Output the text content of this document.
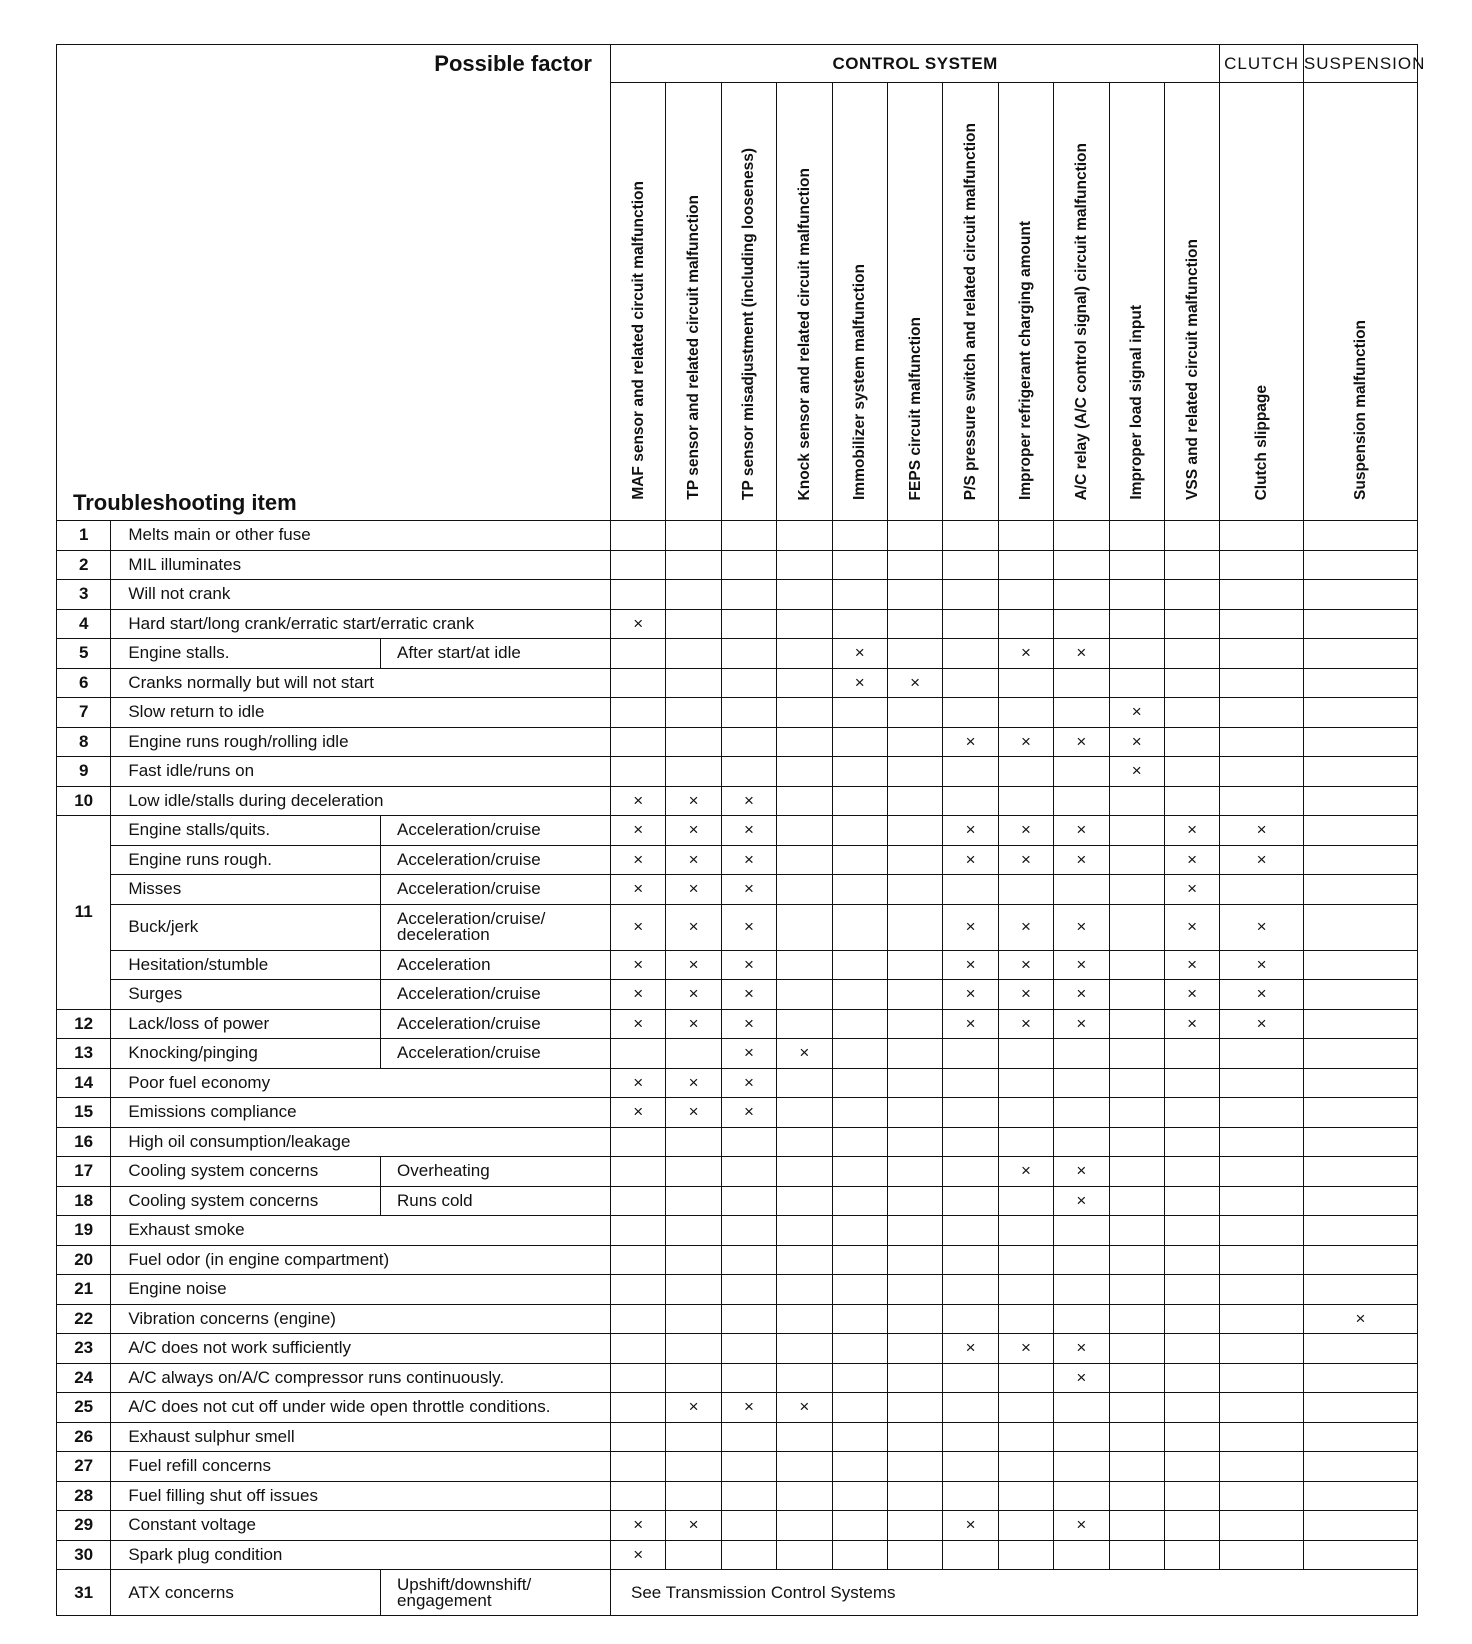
Possible factor
Troubleshooting item			CONTROL SYSTEM											CLUTCH	SUSPENSION

			MAF sensor and related circuit malfunction	TP sensor and related circuit malfunction	TP sensor misadjustment (including looseness)	Knock sensor and related circuit malfunction	Immobilizer system malfunction	FEPS circuit malfunction	P/S pressure switch and related circuit malfunction	Improper refrigerant charging amount	A/C relay (A/C control signal) circuit malfunction	Improper load signal input	VSS and related circuit malfunction	Clutch slippage	Suspension malfunction

1	Melts main or other fuse														
2	MIL illuminates														
3	Will not crank														
4	Hard start/long crank/erratic start/erratic crank		×												
5	Engine stalls.	After start/at idle					×			×	×				
6	Cranks normally but will not start						×	×							
7	Slow return to idle											×			
8	Engine runs rough/rolling idle								×	×	×	×			
9	Fast idle/runs on											×			
10	Low idle/stalls during deceleration		×	×	×										
11	Engine stalls/quits.	Acceleration/cruise	×	×	×				×	×	×		×	×	
	Engine runs rough.	Acceleration/cruise	×	×	×				×	×	×		×	×	
	Misses	Acceleration/cruise	×	×	×								×		
	Buck/jerk	Acceleration/cruise/ deceleration	×	×	×				×	×	×		×	×	
	Hesitation/stumble	Acceleration	×	×	×				×	×	×		×	×	
	Surges	Acceleration/cruise	×	×	×				×	×	×		×	×	
12	Lack/loss of power	Acceleration/cruise	×	×	×				×	×	×		×	×	
13	Knocking/pinging	Acceleration/cruise			×	×									
14	Poor fuel economy		×	×	×										
15	Emissions compliance		×	×	×										
16	High oil consumption/leakage														
17	Cooling system concerns	Overheating								×	×				
18	Cooling system concerns	Runs cold									×				
19	Exhaust smoke														
20	Fuel odor (in engine compartment)														
21	Engine noise														
22	Vibration concerns (engine)														×
23	A/C does not work sufficiently								×	×	×				
24	A/C always on/A/C compressor runs continuously.										×				
25	A/C does not cut off under wide open throttle conditions.			×	×	×									
26	Exhaust sulphur smell														
27	Fuel refill concerns														
28	Fuel filling shut off issues														
29	Constant voltage		×	×					×		×				
30	Spark plug condition		×												
31	ATX concerns	Upshift/downshift/ engagement	See Transmission Control Systems												
